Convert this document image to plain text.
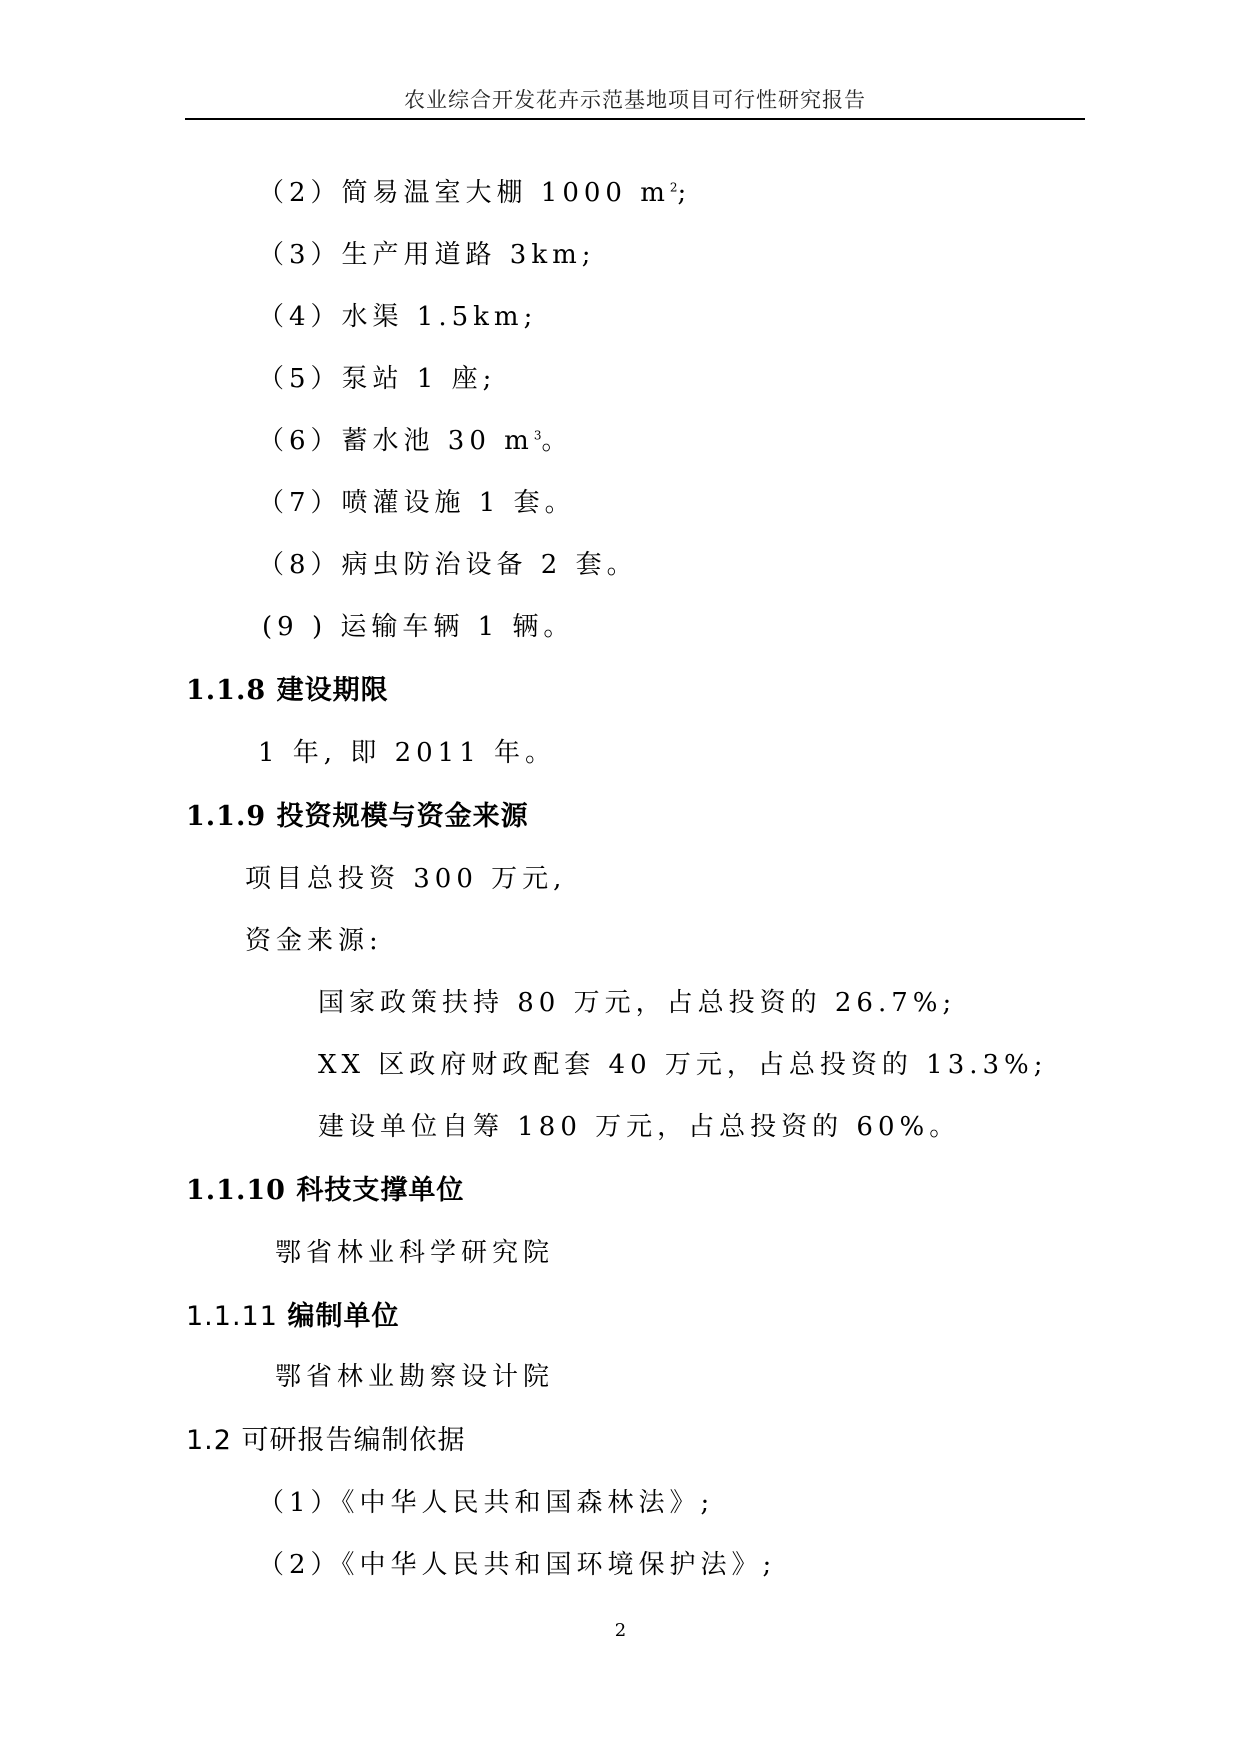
农业综合开发花卉示范基地项目可行性研究报告
（2）简易温室大棚 1000 $m^2$;
（3）生产用道路 3km;
（4）水渠 1.5km;
（5）泵站 1 座;
（6）蓄水池 30 $m^3$。
（7）喷灌设施 1 套。
（8）病虫防治设备 2 套。
(9 ) 运输车辆 1 辆。
1.1.8 建设期限
1 年, 即 2011 年。
1.1.9 投资规模与资金来源
项目总投资 300 万元,
资金来源:
国家政策扶持 80 万元，占总投资的 26.7%;
XX 区政府财政配套 40 万元，占总投资的 13.3%;
建设单位自筹 180 万元，占总投资的 60%。
1.1.10 科技支撑单位
鄂省林业科学研究院
1.1.11 编制单位
鄂省林业勘察设计院
1.2 可研报告编制依据
（1）《中华人民共和国森林法》;
（2）《中华人民共和国环境保护法》;
2
